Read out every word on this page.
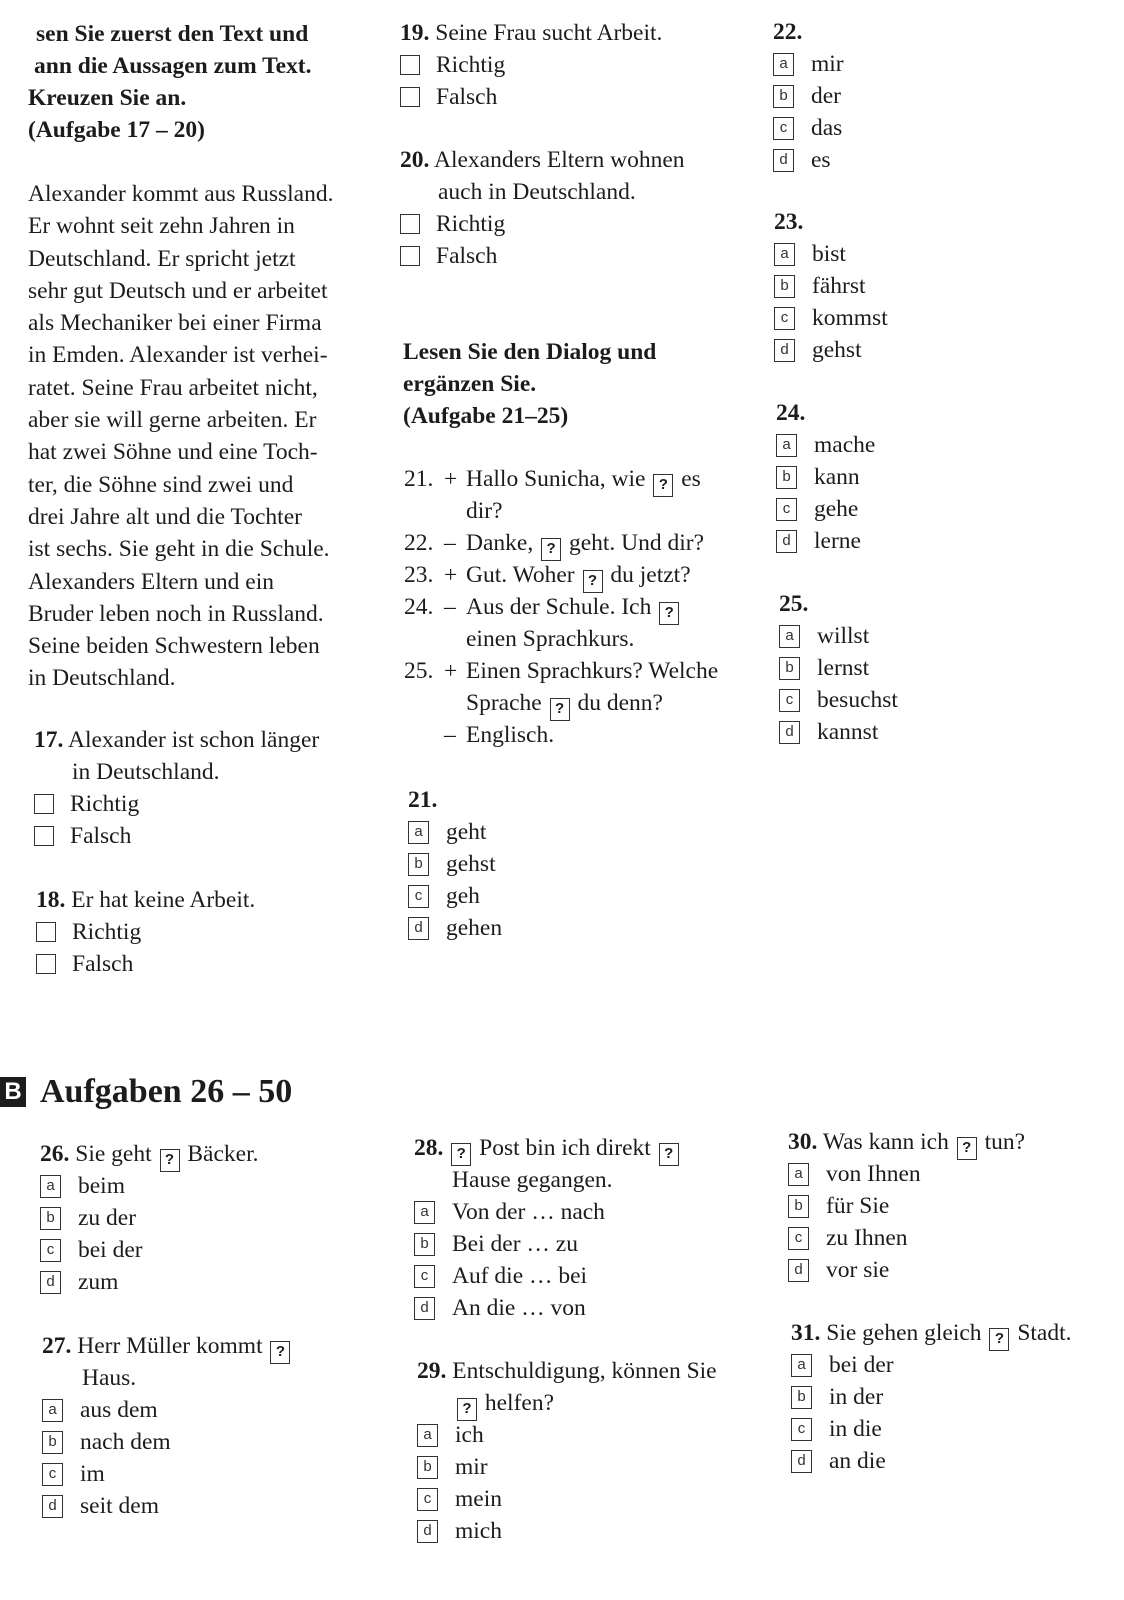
sen Sie zuerst den Text und
ann die Aussagen zum Text.
Kreuzen Sie an.
(Aufgabe 17 – 20)
Alexander kommt aus Russland.
Er wohnt seit zehn Jahren in
Deutschland. Er spricht jetzt
sehr gut Deutsch und er arbeitet
als Mechaniker bei einer Firma
in Emden. Alexander ist verhei-
ratet. Seine Frau arbeitet nicht,
aber sie will gerne arbeiten. Er
hat zwei Söhne und eine Toch-
ter, die Söhne sind zwei und
drei Jahre alt und die Tochter
ist sechs. Sie geht in die Schule.
Alexanders Eltern und ein
Bruder leben noch in Russland.
Seine beiden Schwestern leben
in Deutschland.
17. Alexander ist schon länger
in Deutschland.
Richtig
Falsch
18. Er hat keine Arbeit.
Richtig
Falsch
19. Seine Frau sucht Arbeit.
Richtig
Falsch
20. Alexanders Eltern wohnen
auch in Deutschland.
Richtig
Falsch
Lesen Sie den Dialog und
ergänzen Sie.
(Aufgabe 21–25)
21. + Hallo Sunicha, wie ? es
dir?
22. – Danke, ? geht. Und dir?
23. + Gut. Woher ? du jetzt?
24. – Aus der Schule. Ich ?
einen Sprachkurs.
25. + Einen Sprachkurs? Welche
Sprache ? du denn?
– Englisch.
21.
a geht
b gehst
c geh
d gehen
22.
a mir
b der
c das
d es
23.
a bist
b fährst
c kommst
d gehst
24.
a mache
b kann
c gehe
d lerne
25.
a willst
b lernst
c besuchst
d kannst
B Aufgaben 26 – 50
26. Sie geht ? Bäcker.
a beim
b zu der
c bei der
d zum
27. Herr Müller kommt ?
Haus.
a aus dem
b nach dem
c im
d seit dem
28. ? Post bin ich direkt ?
Hause gegangen.
a Von der … nach
b Bei der … zu
c Auf die … bei
d An die … von
29. Entschuldigung, können Sie
? helfen?
a ich
b mir
c mein
d mich
30. Was kann ich ? tun?
a von Ihnen
b für Sie
c zu Ihnen
d vor sie
31. Sie gehen gleich ? Stadt.
a bei der
b in der
c in die
d an die
